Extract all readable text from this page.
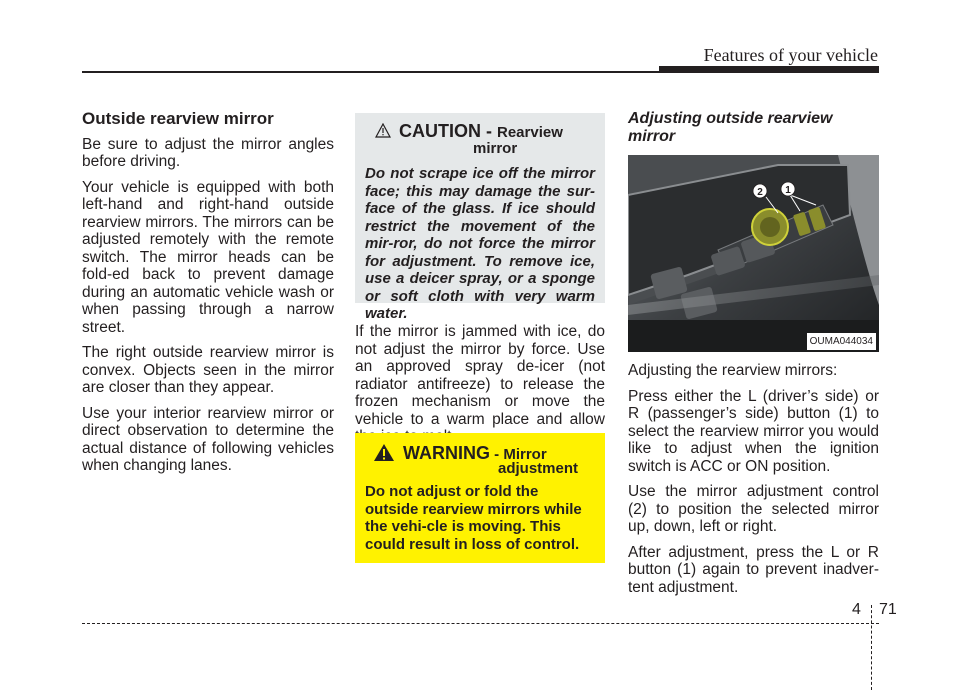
Features of your vehicle
Outside rearview mirror

Be sure to adjust the mirror angles before driving.

Your vehicle is equipped with both left-hand and right-hand outside rearview mirrors. The mirrors can be adjusted remotely with the remote switch. The mirror heads can be fold-ed back to prevent damage during an automatic vehicle wash or when passing through a narrow street.

The right outside rearview mirror is convex. Objects seen in the mirror are closer than they appear.

Use your interior rearview mirror or direct observation to determine the actual distance of following vehicles when changing lanes.

CAUTION - Rearview
mirror
Do not scrape ice off the mirror face; this may damage the sur-face of the glass. If ice should restrict the movement of the mir-ror, do not force the mirror for adjustment. To remove ice, use a deicer spray, or a sponge or soft cloth with very warm water.

If the mirror is jammed with ice, do not adjust the mirror by force. Use an approved spray de-icer (not radiator antifreeze) to release the frozen mechanism or move the vehicle to a warm place and allow

WARNING - Mirror
adjustment
Do not adjust or fold the outside rearview mirrors while the vehi-cle is moving. This could result in loss of control.
Adjusting outside rearview mirror
2 1
OUMA044034

Adjusting the rearview mirrors:

Press either the L (driver’s side) or R (passenger’s side) button (1) to select the rearview mirror you would like to adjust when the ignition switch is ACC or ON position.

Use the mirror adjustment control (2) to position the selected mirror up, down, left or right.

After adjustment, press the L or R button (1) again to prevent inadver-tent adjustment.

4 71
